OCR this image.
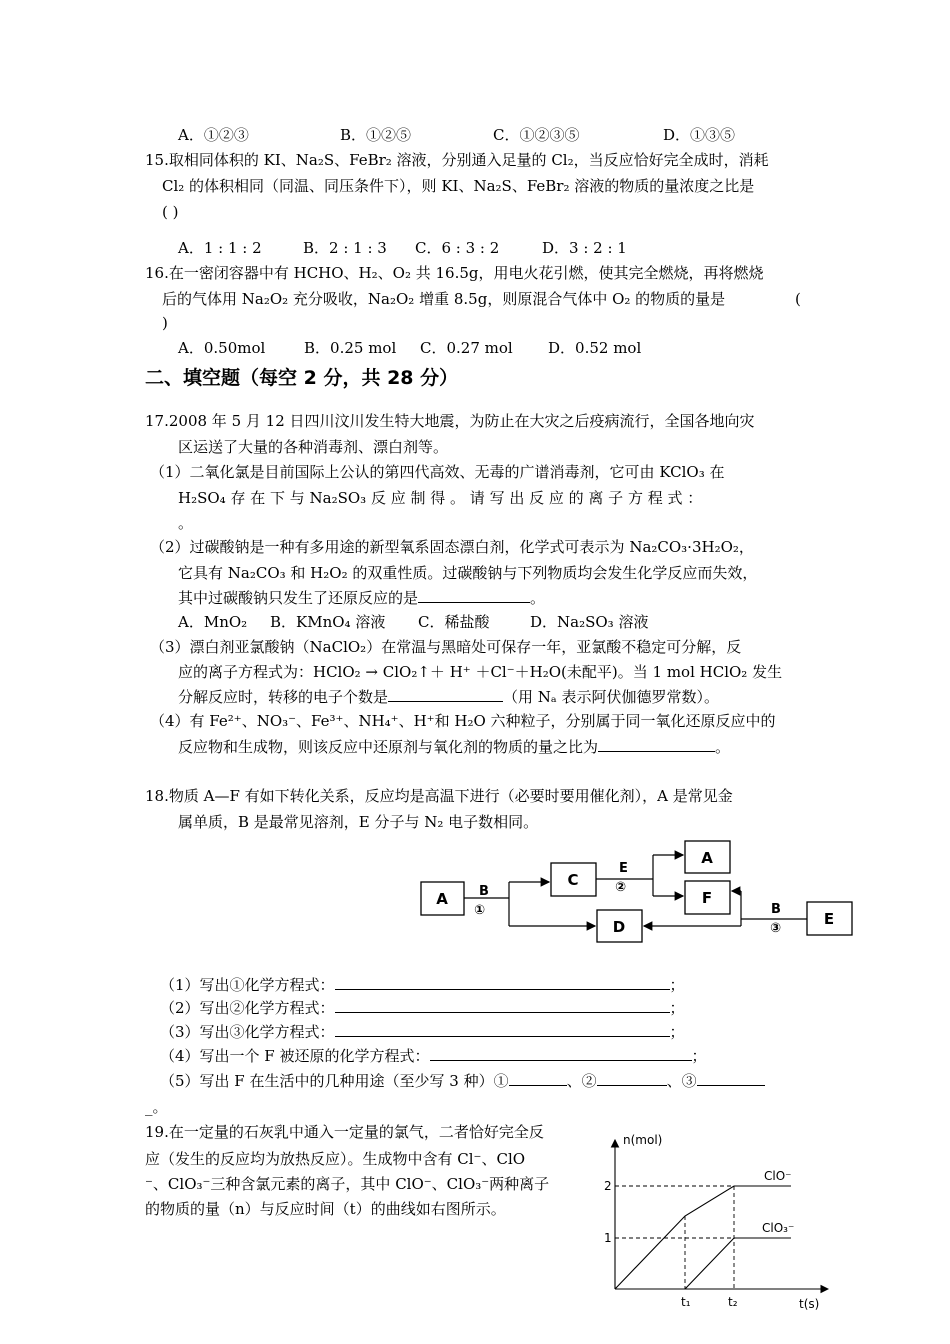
A．①②③	B．①②⑤	C．①②③⑤	D．①③⑤
15.取相同体积的 KI、Na₂S、FeBr₂ 溶液，分别通入足量的 Cl₂，当反应恰好完全成时，消耗
Cl₂ 的体积相同（同温、同压条件下），则 KI、Na₂S、FeBr₂ 溶液的物质的量浓度之比是
( )
A．1 : 1 : 2	B．2 : 1 : 3 C．6 : 3 : 2	D．3 : 2 : 1
16.在一密闭容器中有 HCHO、H₂、O₂ 共 16.5g，用电火花引燃，使其完全燃烧，再将燃烧
后的气体用 Na₂O₂ 充分吸收，Na₂O₂ 增重 8.5g，则原混合气体中 O₂ 的物质的量是	(
)
A．0.50mol	B．0.25 mol C．0.27 mol D．0.52 mol
二、填空题（每空 2 分，共 28 分）
17.2008 年 5 月 12 日四川汶川发生特大地震，为防止在大灾之后疫病流行，全国各地向灾
区运送了大量的各种消毒剂、漂白剂等。
（1）二氧化氯是目前国际上公认的第四代高效、无毒的广谱消毒剂，它可由 KClO₃ 在
H₂SO₄ 存 在 下 与 Na₂SO₃ 反 应 制 得 。 请 写 出 反 应 的 离 子 方 程 式 ：
。
（2）过碳酸钠是一种有多用途的新型氧系固态漂白剂，化学式可表示为 Na₂CO₃·3H₂O₂，
它具有 Na₂CO₃ 和 H₂O₂ 的双重性质。过碳酸钠与下列物质均会发生化学反应而失效，
其中过碳酸钠只发生了还原反应的是	。
A．MnO₂ B．KMnO₄ 溶液 C．稀盐酸	D．Na₂SO₃ 溶液
（3）漂白剂亚氯酸钠（NaClO₂）在常温与黑暗处可保存一年，亚氯酸不稳定可分解，反
应的离子方程式为：HClO₂ → ClO₂↑＋ H⁺ ＋Cl⁻＋H₂O(未配平)。当 1 mol HClO₂ 发生
分解反应时，转移的电子个数是	（用 Nₐ 表示阿伏伽德罗常数）。
（4）有 Fe²⁺、NO₃⁻、Fe³⁺、NH₄⁺、H⁺和 H₂O 六种粒子，分别属于同一氧化还原反应中的
反应物和生成物，则该反应中还原剂与氧化剂的物质的量之比为	。
18.物质 A—F 有如下转化关系，反应均是高温下进行（必要时要用催化剂），A 是常见金
属单质，B 是最常见溶剂，E 分子与 N₂ 电子数相同。
A
C
A
F
D	E
B
①
E
②
B
③
（1）写出①化学方程式：	；
（2）写出②化学方程式：	；
（3）写出③化学方程式：	；
（4）写出一个 F 被还原的化学方程式：	；
（5）写出 F 在生活中的几种用途（至少写 3 种）①	、②	、③
_。
19.在一定量的石灰乳中通入一定量的氯气，二者恰好完全反
应（发生的反应均为放热反应）。生成物中含有 Cl⁻、ClO
⁻、ClO₃⁻三种含氯元素的离子，其中 ClO⁻、ClO₃⁻两种离子
的物质的量（n）与反应时间（t）的曲线如右图所示。
n(mol)
t(s)
1
2
t₁	t₂
ClO⁻
ClO₃⁻
